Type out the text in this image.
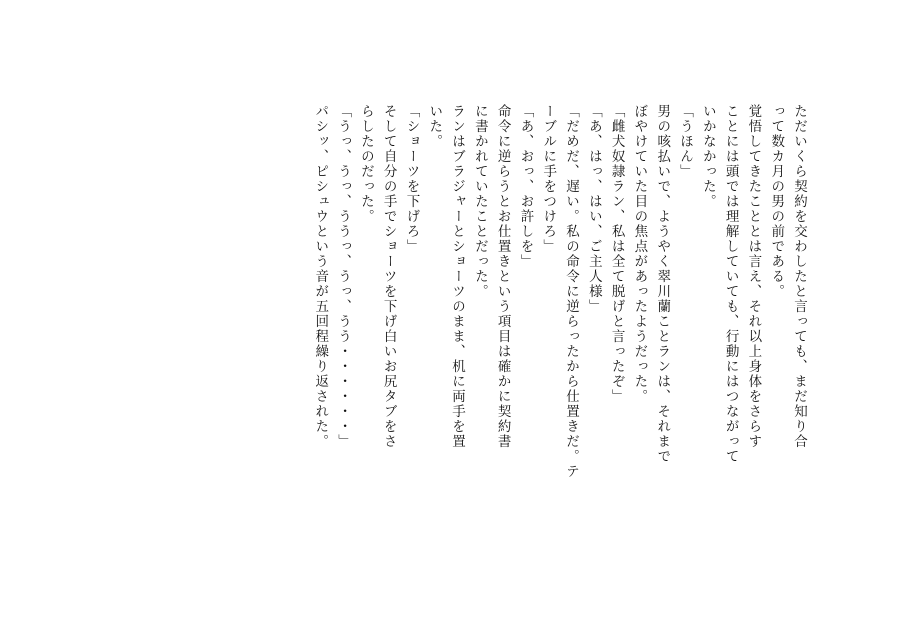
ただいくら契約を交わしたと言っても、まだ知り合
って数カ月の男の前である。
覚悟してきたこととは言え、それ以上身体をさらす
ことには頭では理解していても、行動にはつながって
いかなかった。
「うほん」
男の咳払いで、ようやく翠川蘭ことランは、それまで
ぼやけていた目の焦点があったようだった。
「雌犬奴隷ラン、私は全て脱げと言ったぞ」
「あ、はっ、はい、ご主人様」
「だめだ、遅い。私の命令に逆らったから仕置きだ。テ
ーブルに手をつけろ」
「あ、おっ、お許しを」
命令に逆らうとお仕置きという項目は確かに契約書
に書かれていたことだった。
ランはブラジャーとショーツのまま、机に両手を置
いた。
「ショーツを下げろ」
そして自分の手でショーツを下げ白いお尻タブをさ
らしたのだった。
「うっ、うっ、ううっ、うっ、うう・・・・・・」
パシッ、ピシュウという音が五回程繰り返された。
